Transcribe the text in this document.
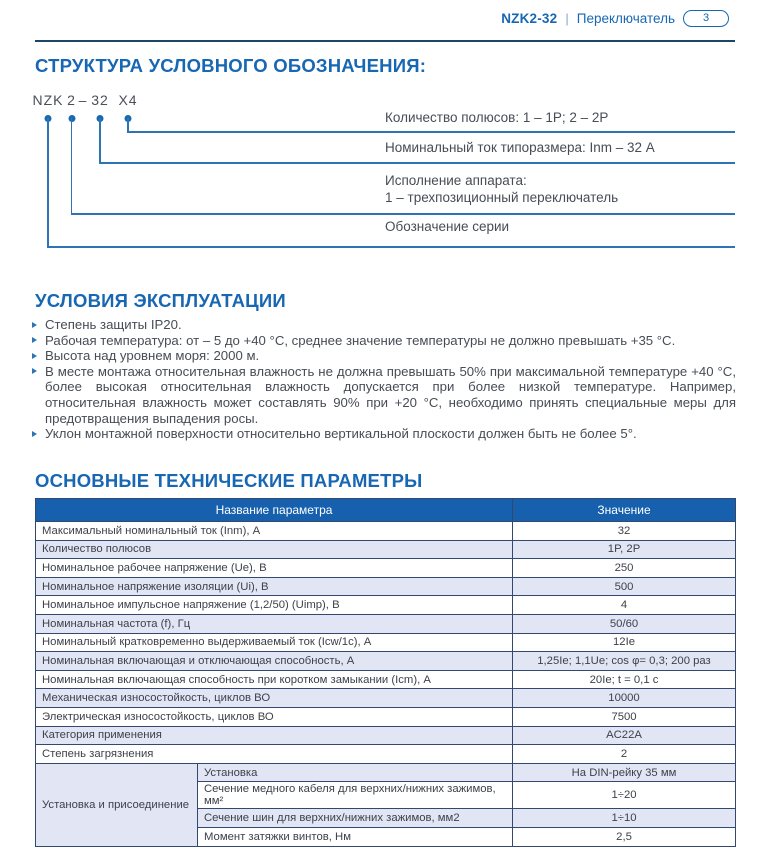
NZK2-32 | Переключатель	3
СТРУКТУРА УСЛОВНОГО ОБОЗНАЧЕНИЯ:
NZK 2 – 32 X4
Количество полюсов: 1 – 1P; 2 – 2P
Номинальный ток типоразмера: Inm – 32 А
Исполнение аппарата:
1 – трехпозиционный переключатель
Обозначение серии
УСЛОВИЯ ЭКСПЛУАТАЦИИ
Степень защиты IP20.
Рабочая температура: от – 5 до +40 °C, среднее значение температуры не должно превышать +35 °C.
Высота над уровнем моря: 2000 м.
В месте монтажа относительная влажность не должна превышать 50% при максимальной температуре +40 °C, более высокая относительная влажность допускается при более низкой температуре. Например, относительная влажность может составлять 90% при +20 °C, необходимо принять специальные меры для предотвращения выпадения росы.
Уклон монтажной поверхности относительно вертикальной плоскости должен быть не более 5°.
ОСНОВНЫЕ ТЕХНИЧЕСКИЕ ПАРАМЕТРЫ
Название параметра		Значение
Максимальный номинальный ток (Inm), А		32
Количество полюсов		1P, 2P
Номинальное рабочее напряжение (Ue), В		250
Номинальное напряжение изоляции (Ui), В		500
Номинальное импульсное напряжение (1,2/50) (Uimp), В		4
Номинальная частота (f), Гц		50/60
Номинальный кратковременно выдерживаемый ток (Icw/1c), А		12Ie
Номинальная включающая и отключающая способность, А		1,25Ie; 1,1Ue; cos φ= 0,3; 200 раз
Номинальная включающая способность при коротком замыкании (Icm), А		20Ie; t = 0,1 с
Механическая износостойкость, циклов ВО		10000
Электрическая износостойкость, циклов ВО		7500
Категория применения		AC22A
Степень загрязнения		2
Установка и присоединение	Установка	На DIN-рейку 35 мм
	Сечение медного кабеля для верхних/нижних зажимов, мм²	1÷20
	Сечение шин для верхних/нижних зажимов, мм2	1÷10
	Момент затяжки винтов, Нм	2,5
